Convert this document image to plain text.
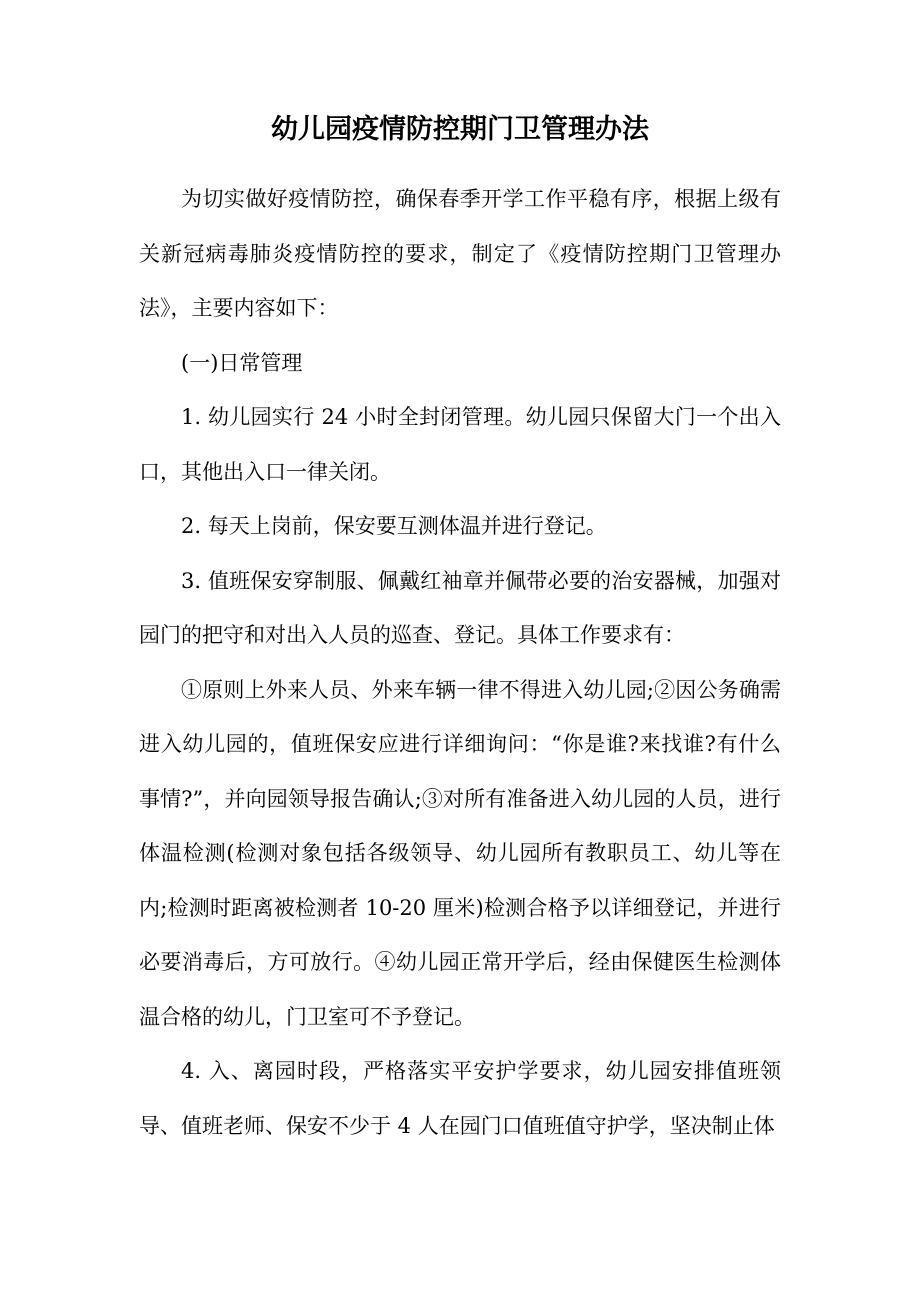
幼儿园疫情防控期门卫管理办法

为切实做好疫情防控，确保春季开学工作平稳有序，根据上级有关新冠病毒肺炎疫情防控的要求，制定了《疫情防控期门卫管理办法》，主要内容如下：

(一)日常管理

1. 幼儿园实行 24 小时全封闭管理。幼儿园只保留大门一个出入口，其他出入口一律关闭。

2. 每天上岗前，保安要互测体温并进行登记。

3. 值班保安穿制服、佩戴红袖章并佩带必要的治安器械，加强对园门的把守和对出入人员的巡查、登记。具体工作要求有：

①原则上外来人员、外来车辆一律不得进入幼儿园;②因公务确需进入幼儿园的，值班保安应进行详细询问：“你是谁?来找谁?有什么事情?”，并向园领导报告确认;③对所有准备进入幼儿园的人员，进行体温检测(检测对象包括各级领导、幼儿园所有教职员工、幼儿等在内;检测时距离被检测者 10-20 厘米)检测合格予以详细登记，并进行必要消毒后，方可放行。④幼儿园正常开学后，经由保健医生检测体温合格的幼儿，门卫室可不予登记。

4. 入、离园时段，严格落实平安护学要求，幼儿园安排值班领导、值班老师、保安不少于 4 人在园门口值班值守护学，坚决制止体
